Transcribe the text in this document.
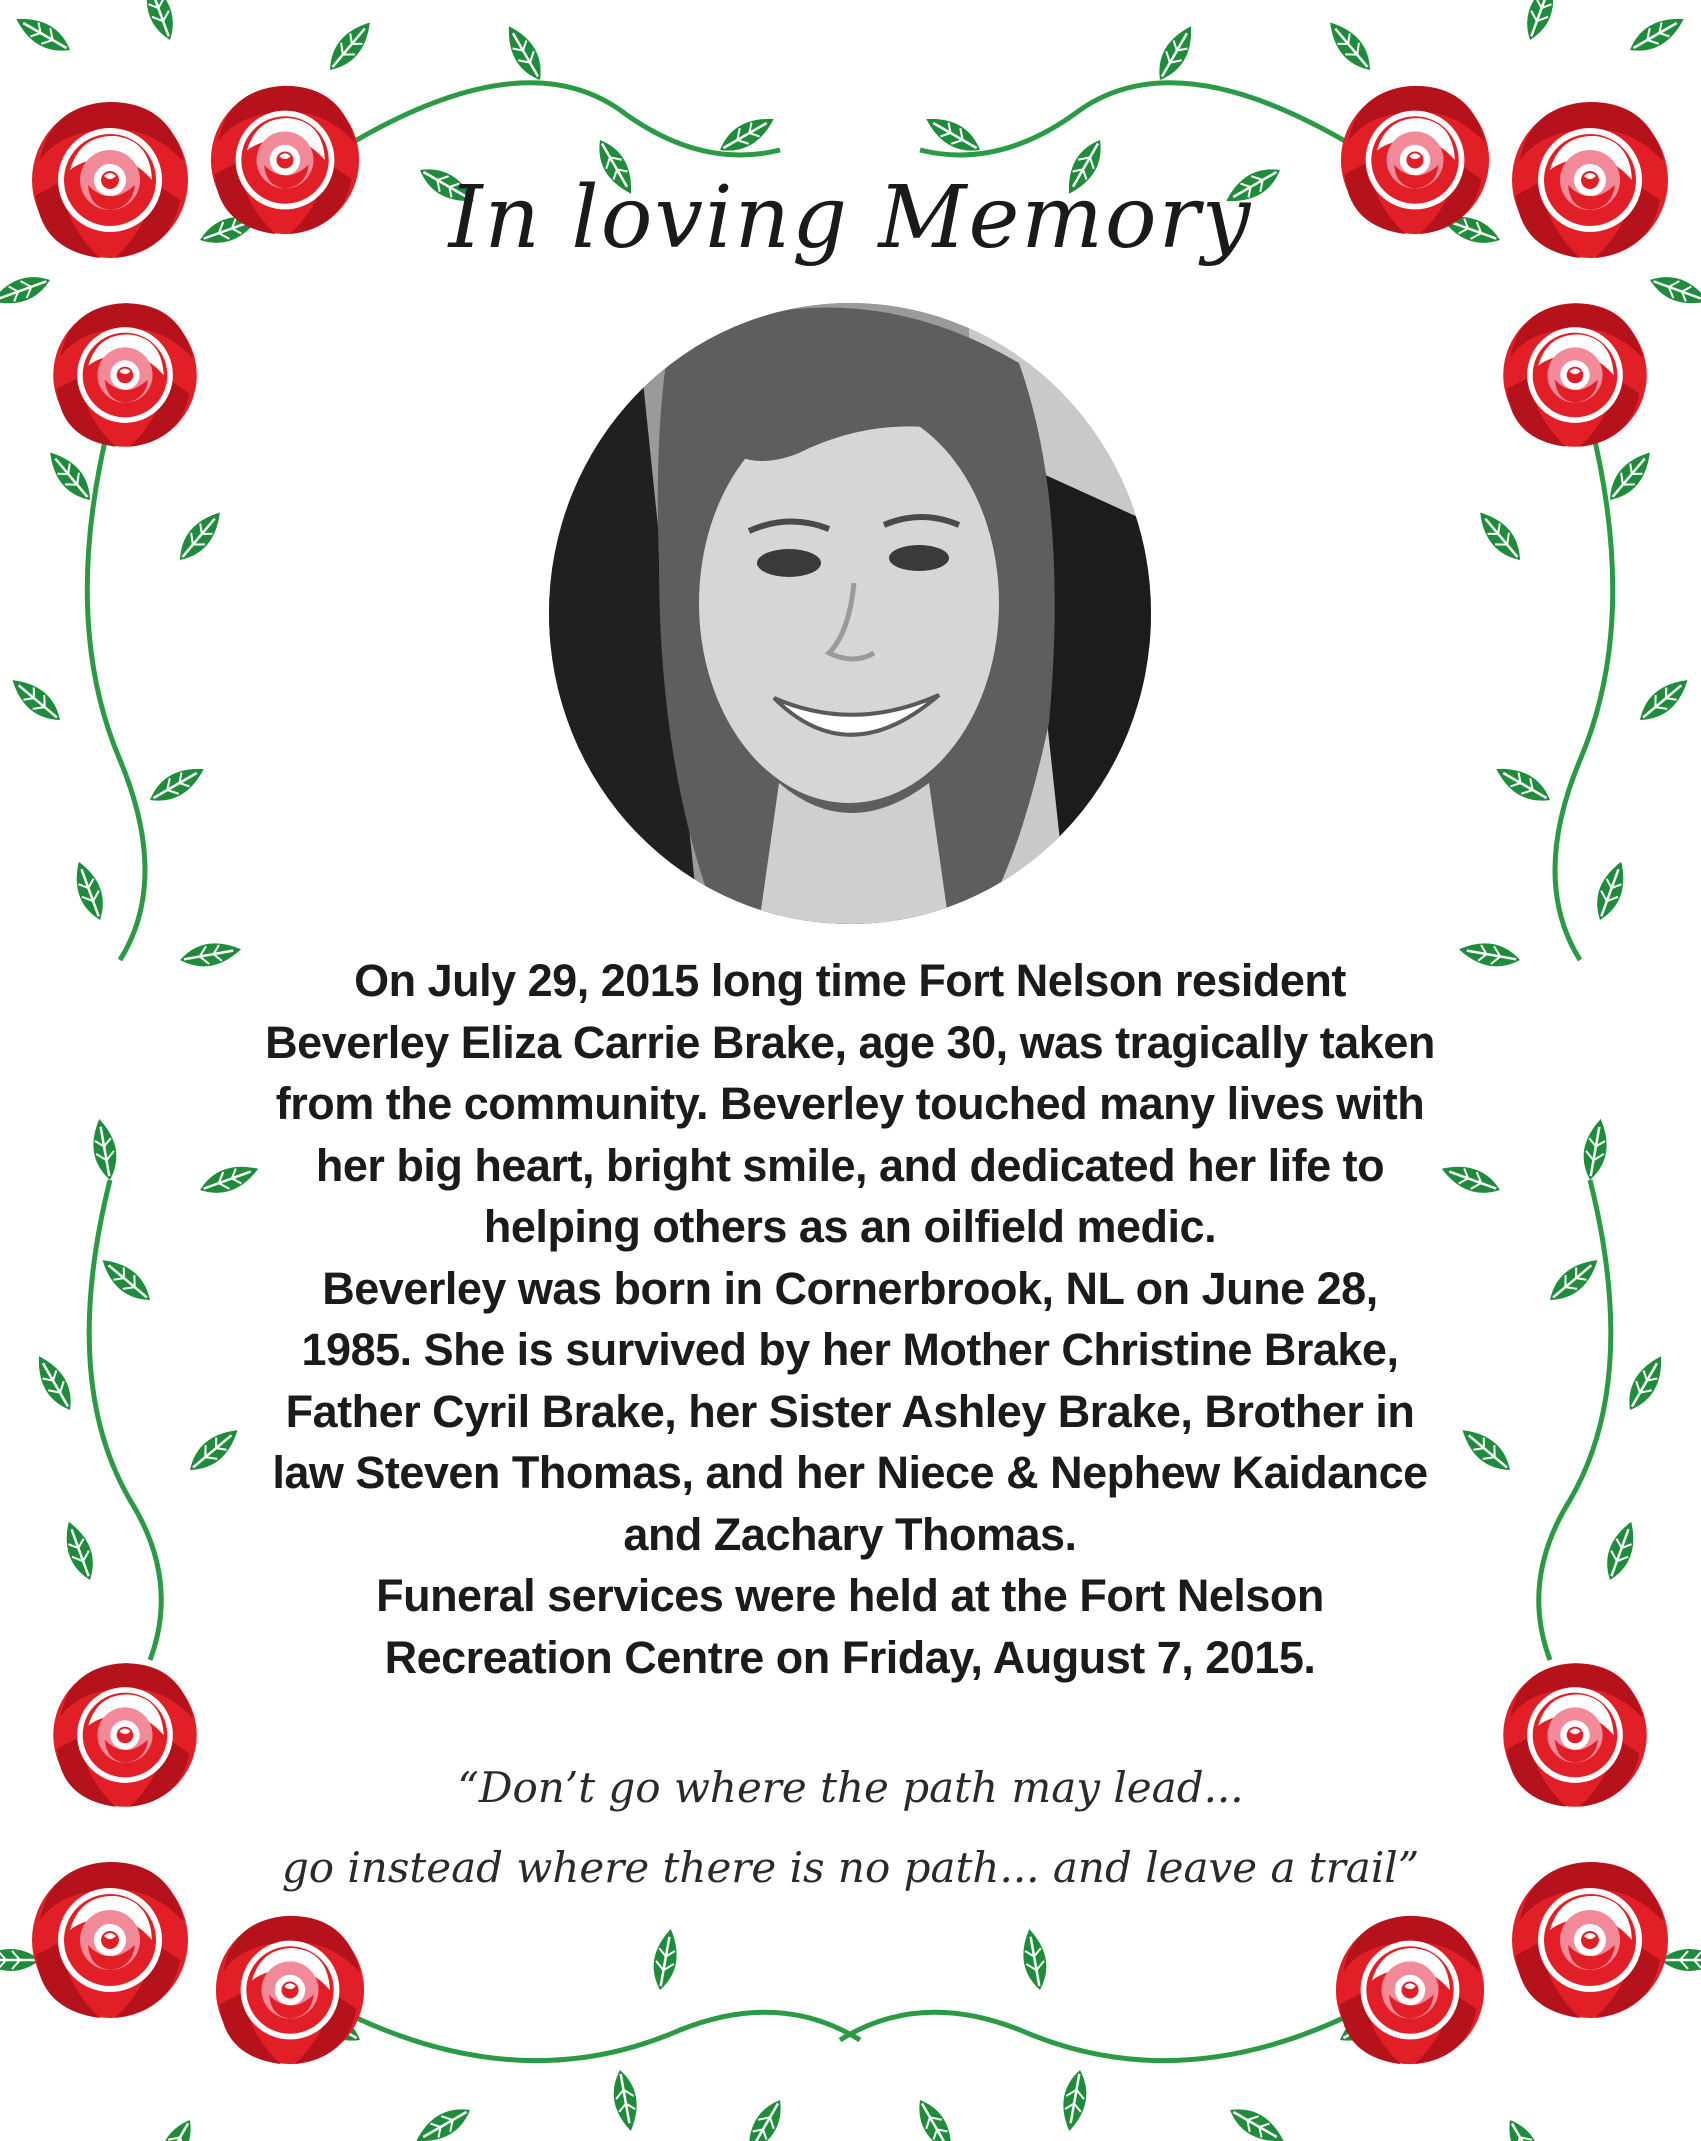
In loving Memory

On July 29, 2015 long time Fort Nelson resident

Beverley Eliza Carrie Brake, age 30, was tragically taken

from the community. Beverley touched many lives with

her big heart, bright smile, and dedicated her life to

helping others as an oilfield medic.

Beverley was born in Cornerbrook, NL on June 28,

1985. She is survived by her Mother Christine Brake,

Father Cyril Brake, her Sister Ashley Brake, Brother in

law Steven Thomas, and her Niece & Nephew Kaidance

and Zachary Thomas.

Funeral services were held at the Fort Nelson

Recreation Centre on Friday, August 7, 2015.

“Don’t go where the path may lead...

go instead where there is no path... and leave a trail”
